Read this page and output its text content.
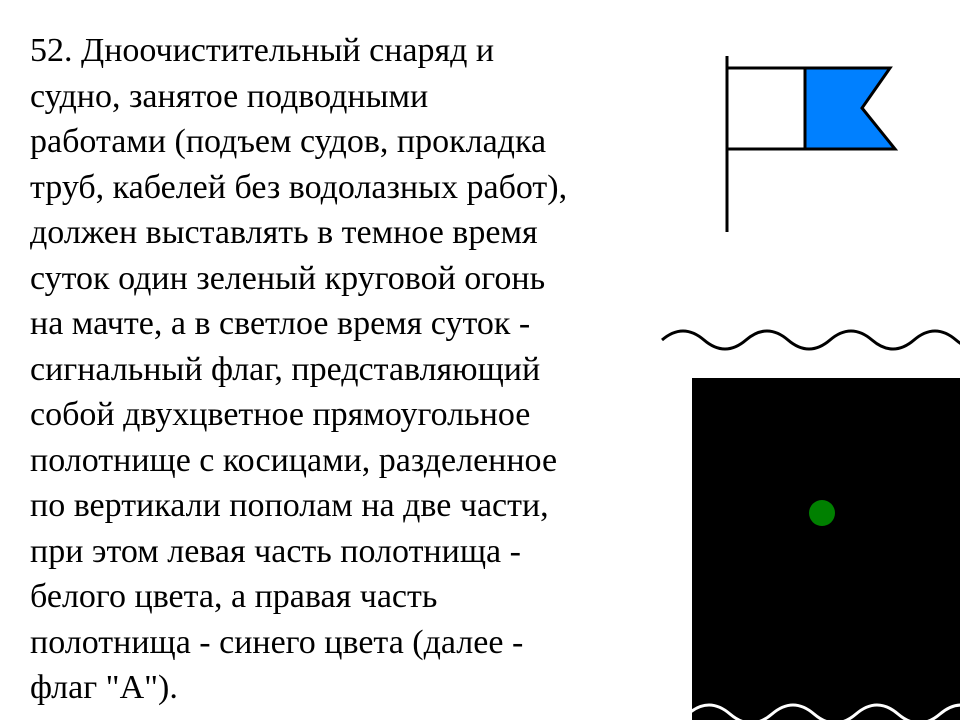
52. Дноочистительный снаряд и
судно, занятое подводными
работами (подъем судов, прокладка
труб, кабелей без водолазных работ),
должен выставлять в темное время
суток один зеленый круговой огонь
на мачте, а в светлое время суток -
сигнальный флаг, представляющий
собой двухцветное прямоугольное
полотнище с косицами, разделенное
по вертикали пополам на две части,
при этом левая часть полотнища -
белого цвета, а правая часть
полотнища - синего цвета (далее -
флаг "А").
